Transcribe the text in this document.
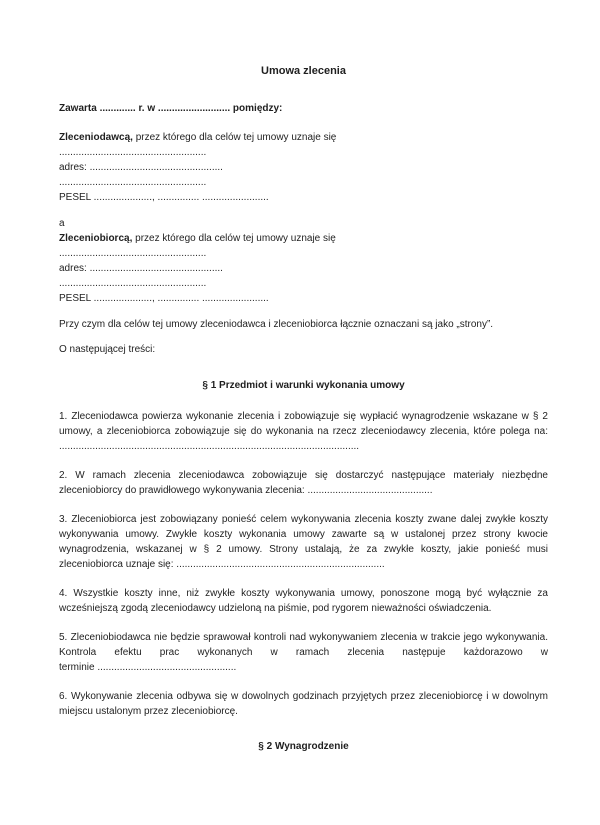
Umowa zlecenia

Zawarta ............. r. w .......................... pomiędzy:

Zleceniodawcą, przez którego dla celów tej umowy uznaje się

.....................................................

adres: ................................................

.....................................................

PESEL ....................., ............... ........................

a

Zleceniobiorcą, przez którego dla celów tej umowy uznaje się

.....................................................

adres: ................................................

.....................................................

PESEL ....................., ............... ........................

Przy czym dla celów tej umowy zleceniodawca i zleceniobiorca łącznie oznaczani są jako „strony”.

O następującej treści:

§ 1 Przedmiot i warunki wykonania umowy

1. Zleceniodawca powierza wykonanie zlecenia i zobowiązuje się wypłacić wynagrodzenie wskazane w § 2 umowy, a zleceniobiorca zobowiązuje się do wykonania na rzecz zleceniodawcy zlecenia, które polega na: ............................................................................................................

2. W ramach zlecenia zleceniodawca zobowiązuje się dostarczyć następujące materiały niezbędne zleceniobiorcy do prawidłowego wykonywania zlecenia: .............................................

3. Zleceniobiorca jest zobowiązany ponieść celem wykonywania zlecenia koszty zwane dalej zwykłe koszty wykonywania umowy. Zwykłe koszty wykonania umowy zawarte są w ustalonej przez strony kwocie wynagrodzenia, wskazanej w § 2 umowy. Strony ustalają, że za zwykłe koszty, jakie ponieść musi zleceniobiorca uznaje się: ...........................................................................

4. Wszystkie koszty inne, niż zwykłe koszty wykonywania umowy, ponoszone mogą być wyłącznie za wcześniejszą zgodą zleceniodawcy udzieloną na piśmie, pod rygorem nieważności oświadczenia.

5. Zleceniobiodawca nie będzie sprawował kontroli nad wykonywaniem zlecenia w trakcie jego wykonywania. Kontrola efektu prac wykonanych w ramach zlecenia następuje każdorazowo w terminie ..................................................

6. Wykonywanie zlecenia odbywa się w dowolnych godzinach przyjętych przez zleceniobiorcę i w dowolnym miejscu ustalonym przez zleceniobiorcę.

§ 2 Wynagrodzenie
